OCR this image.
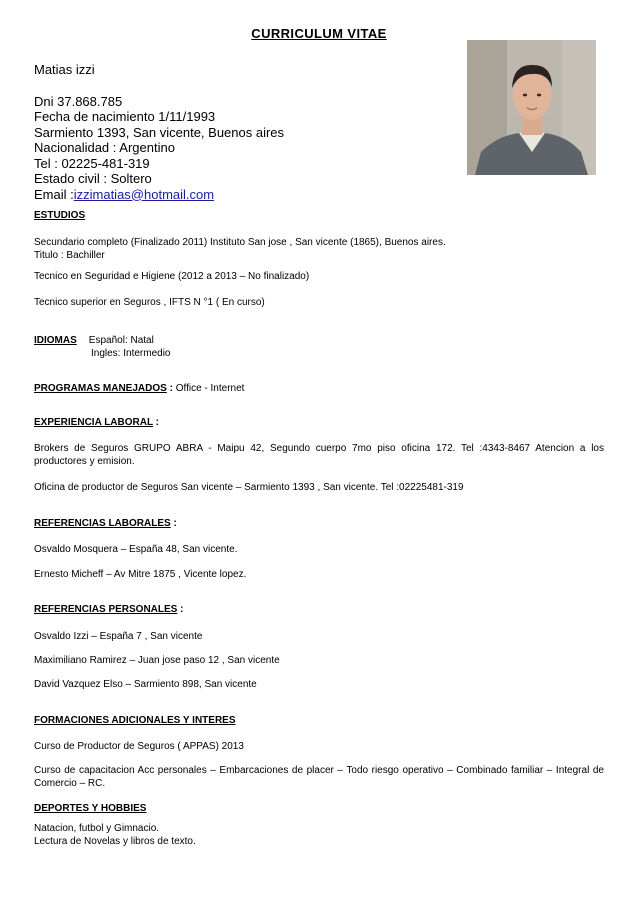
CURRICULUM VITAE
Matias izzi
Dni 37.868.785
Fecha de nacimiento 1/11/1993
Sarmiento 1393, San vicente, Buenos aires
Nacionalidad : Argentino
Tel : 02225-481-319
Estado civil : Soltero
Email :izzimatias@hotmail.com
ESTUDIOS
Secundario completo (Finalizado 2011) Instituto San jose , San vicente (1865), Buenos aires.
Titulo : Bachiller
Tecnico en Seguridad e Higiene (2012 a 2013 – No finalizado)
Tecnico superior en Seguros , IFTS N °1 ( En curso)
IDIOMAS Español: Natal
Ingles: Intermedio
PROGRAMAS MANEJADOS : Office - Internet
EXPERIENCIA LABORAL :
Brokers de Seguros GRUPO ABRA - Maipu 42, Segundo cuerpo 7mo piso oficina 172. Tel :4343-8467 Atencion a los productores y emision.
Oficina de productor de Seguros San vicente – Sarmiento 1393 , San vicente. Tel :02225481-319
REFERENCIAS LABORALES :
Osvaldo Mosquera – España 48, San vicente.
Ernesto Micheff – Av Mitre 1875 , Vicente lopez.
REFERENCIAS PERSONALES :
Osvaldo Izzi – España 7 , San vicente
Maximiliano Ramirez – Juan jose paso 12 , San vicente
David Vazquez Elso – Sarmiento 898, San vicente
FORMACIONES ADICIONALES Y INTERES
Curso de Productor de Seguros ( APPAS) 2013
Curso de capacitacion Acc personales – Embarcaciones de placer – Todo riesgo operativo – Combinado familiar – Integral de Comercio – RC.
DEPORTES Y HOBBIES
Natacion, futbol y Gimnacio.
Lectura de Novelas y libros de texto.
